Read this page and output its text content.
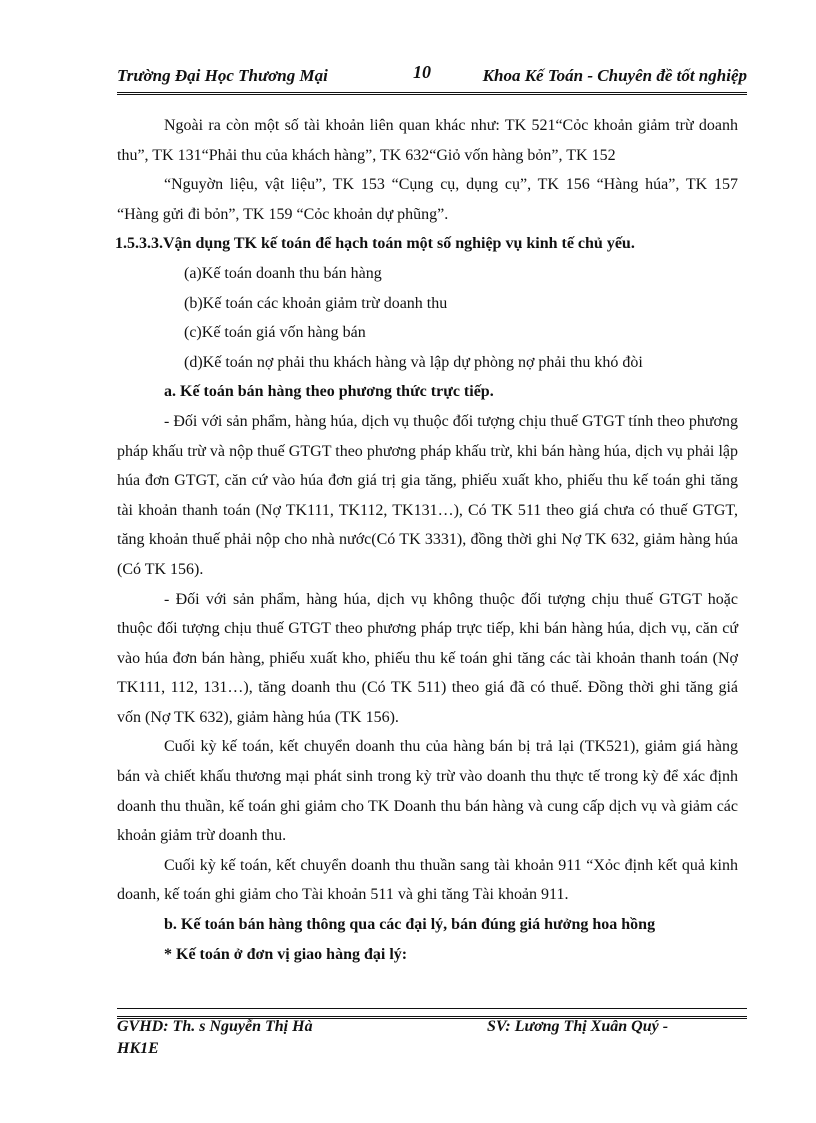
Trường Đại Học Thương Mại	10	Khoa Kế Toán - Chuyên đề tốt nghiệp

Ngoài ra còn một số tài khoản liên quan khác như: TK 521“Cỏc khoản giảm trừ doanh thu”, TK 131“Phải thu của khách hàng”, TK 632“Giỏ vốn hàng bỏn”, TK 152

“Nguyờn liệu, vật liệu”, TK 153 “Cụng cụ, dụng cụ”, TK 156 “Hàng húa”, TK 157 “Hàng gửi đi bỏn”, TK 159 “Cỏc khoản dự phũng”.

1.5.3.3.Vận dụng TK kế toán để hạch toán một số nghiệp vụ kinh tế chủ yếu.

(a)Kế toán doanh thu bán hàng

(b)Kế toán các khoản giảm trừ doanh thu

(c)Kế toán giá vốn hàng bán

(d)Kế toán nợ phải thu khách hàng và lập dự phòng nợ phải thu khó đòi

a. Kế toán bán hàng theo phương thức trực tiếp.

- Đối với sản phẩm, hàng húa, dịch vụ thuộc đối tượng chịu thuế GTGT tính theo phương pháp khấu trừ và nộp thuế GTGT theo phương pháp khấu trừ, khi bán hàng húa, dịch vụ phải lập húa đơn GTGT, căn cứ vào húa đơn giá trị gia tăng, phiếu xuất kho, phiếu thu kế toán ghi tăng tài khoản thanh toán (Nợ TK111, TK112, TK131…), Có TK 511 theo giá chưa có thuế GTGT, tăng khoản thuế phải nộp cho nhà nước(Có TK 3331), đồng thời ghi Nợ TK 632, giảm hàng húa (Có TK 156).

- Đối với sản phẩm, hàng húa, dịch vụ không thuộc đối tượng chịu thuế GTGT hoặc thuộc đối tượng chịu thuế GTGT theo phương pháp trực tiếp, khi bán hàng húa, dịch vụ, căn cứ vào húa đơn bán hàng, phiếu xuất kho, phiếu thu kế toán ghi tăng các tài khoản thanh toán (Nợ TK111, 112, 131…), tăng doanh thu (Có TK 511) theo giá đã có thuế. Đồng thời ghi tăng giá vốn (Nợ TK 632), giảm hàng húa (TK 156).

Cuối kỳ kế toán, kết chuyển doanh thu của hàng bán bị trả lại (TK521), giảm giá hàng bán và chiết khấu thương mại phát sinh trong kỳ trừ vào doanh thu thực tế trong kỳ để xác định doanh thu thuần, kế toán ghi giảm cho TK Doanh thu bán hàng và cung cấp dịch vụ và giảm các khoản giảm trừ doanh thu.

Cuối kỳ kế toán, kết chuyển doanh thu thuần sang tài khoản 911 “Xỏc định kết quả kinh doanh, kế toán ghi giảm cho Tài khoản 511 và ghi tăng Tài khoản 911.

b. Kế toán bán hàng thông qua các đại lý, bán đúng giá hưởng hoa hồng

* Kế toán ở đơn vị giao hàng đại lý:

GVHD: Th. s Nguyễn Thị Hà
HK1E
SV: Lương Thị Xuân Quý -
